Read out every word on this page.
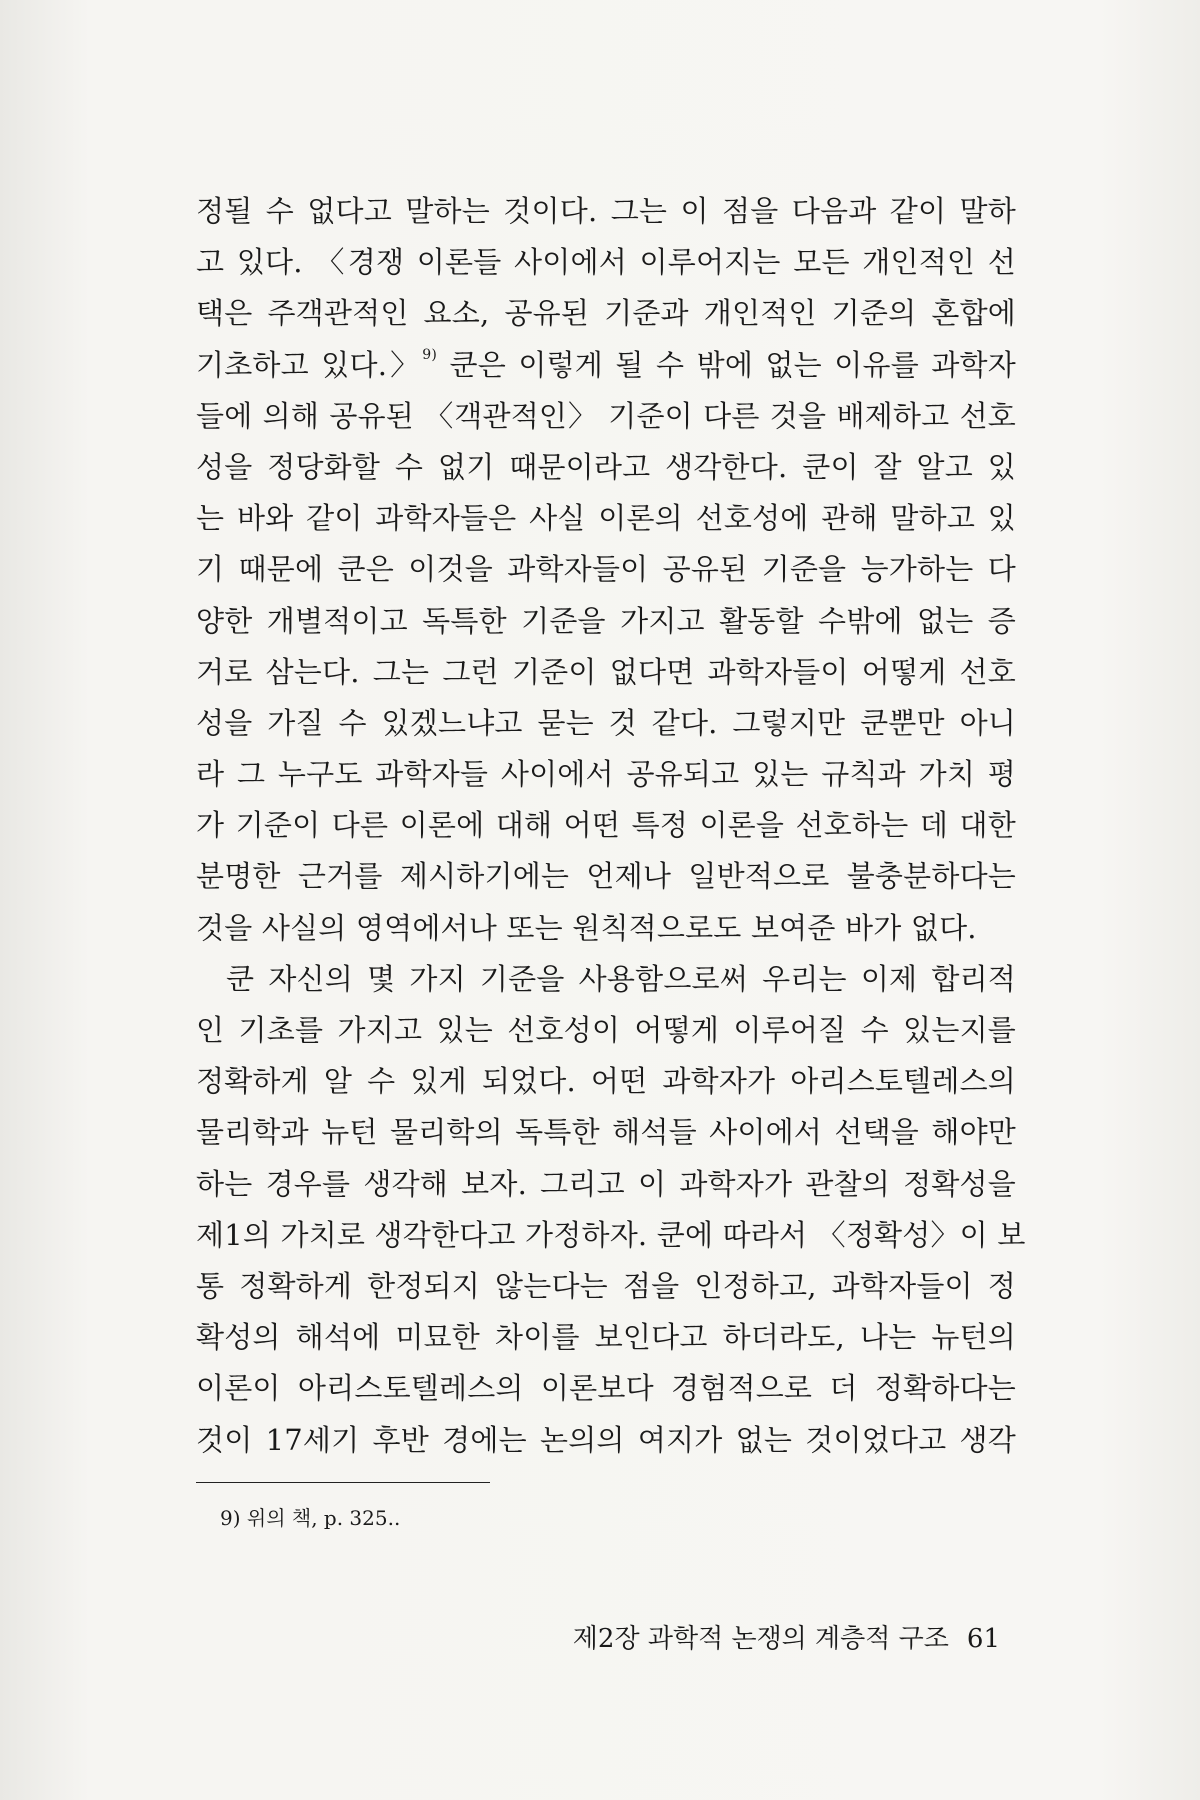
정될 수 없다고 말하는 것이다. 그는 이 점을 다음과 같이 말하
고 있다. 〈경쟁 이론들 사이에서 이루어지는 모든 개인적인 선
택은 주객관적인 요소, 공유된 기준과 개인적인 기준의 혼합에
기초하고 있다.〉$^{9)}$ 쿤은 이렇게 될 수 밖에 없는 이유를 과학자
들에 의해 공유된 〈객관적인〉 기준이 다른 것을 배제하고 선호
성을 정당화할 수 없기 때문이라고 생각한다. 쿤이 잘 알고 있
는 바와 같이 과학자들은 사실 이론의 선호성에 관해 말하고 있
기 때문에 쿤은 이것을 과학자들이 공유된 기준을 능가하는 다
양한 개별적이고 독특한 기준을 가지고 활동할 수밖에 없는 증
거로 삼는다. 그는 그런 기준이 없다면 과학자들이 어떻게 선호
성을 가질 수 있겠느냐고 묻는 것 같다. 그렇지만 쿤뿐만 아니
라 그 누구도 과학자들 사이에서 공유되고 있는 규칙과 가치 평
가 기준이 다른 이론에 대해 어떤 특정 이론을 선호하는 데 대한
분명한 근거를 제시하기에는 언제나 일반적으로 불충분하다는
것을 사실의 영역에서나 또는 원칙적으로도 보여준 바가 없다.
쿤 자신의 몇 가지 기준을 사용함으로써 우리는 이제 합리적
인 기초를 가지고 있는 선호성이 어떻게 이루어질 수 있는지를
정확하게 알 수 있게 되었다. 어떤 과학자가 아리스토텔레스의
물리학과 뉴턴 물리학의 독특한 해석들 사이에서 선택을 해야만
하는 경우를 생각해 보자. 그리고 이 과학자가 관찰의 정확성을
제1의 가치로 생각한다고 가정하자. 쿤에 따라서 〈정확성〉이 보
통 정확하게 한정되지 않는다는 점을 인정하고, 과학자들이 정
확성의 해석에 미묘한 차이를 보인다고 하더라도, 나는 뉴턴의
이론이 아리스토텔레스의 이론보다 경험적으로 더 정확하다는
것이 17세기 후반 경에는 논의의 여지가 없는 것이었다고 생각
9) 위의 책, p. 325..
제2장 과학적 논쟁의 계층적 구조 61
